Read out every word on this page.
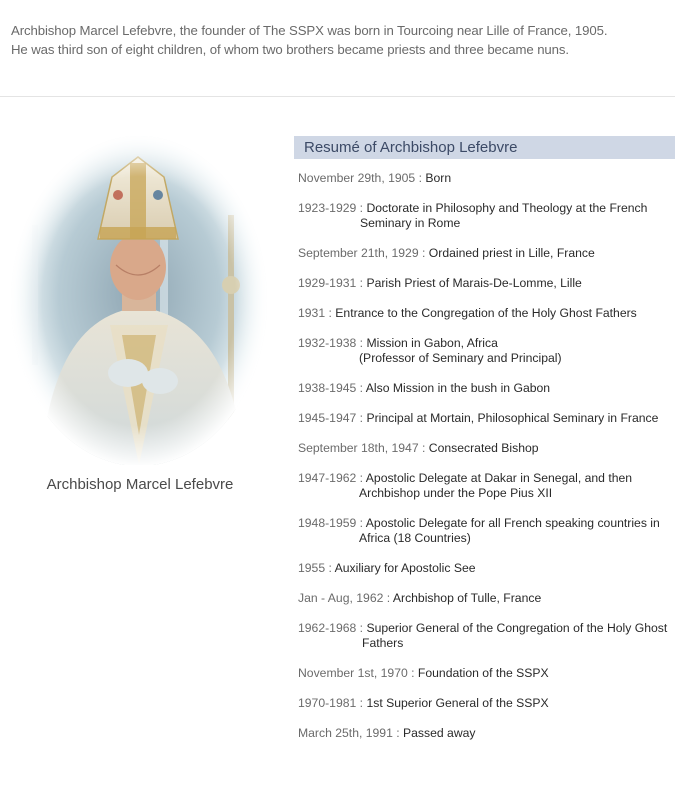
Archbishop Marcel Lefebvre, the founder of The SSPX was born in Tourcoing near Lille of France, 1905.

He was third son of eight children, of whom two brothers became priests and three became nuns.

Archbishop Marcel Lefebvre
Resumé of Archbishop Lefebvre
November 29th, 1905 : Born
1923-1929 : Doctorate in Philosophy and Theology at the French
Seminary in Rome
September 21th, 1929 : Ordained priest in Lille, France
1929-1931 : Parish Priest of Marais-De-Lomme, Lille
1931 : Entrance to the Congregation of the Holy Ghost Fathers
1932-1938 : Mission in Gabon, Africa
(Professor of Seminary and Principal)
1938-1945 : Also Mission in the bush in Gabon
1945-1947 : Principal at Mortain, Philosophical Seminary in France
September 18th, 1947 : Consecrated Bishop
1947-1962 : Apostolic Delegate at Dakar in Senegal, and then
Archbishop under the Pope Pius XII
1948-1959 : Apostolic Delegate for all French speaking countries in
Africa (18 Countries)
1955 : Auxiliary for Apostolic See
Jan - Aug, 1962 : Archbishop of Tulle, France
1962-1968 : Superior General of the Congregation of the Holy Ghost
Fathers
November 1st, 1970 : Foundation of the SSPX
1970-1981 : 1st Superior General of the SSPX
March 25th, 1991 : Passed away
